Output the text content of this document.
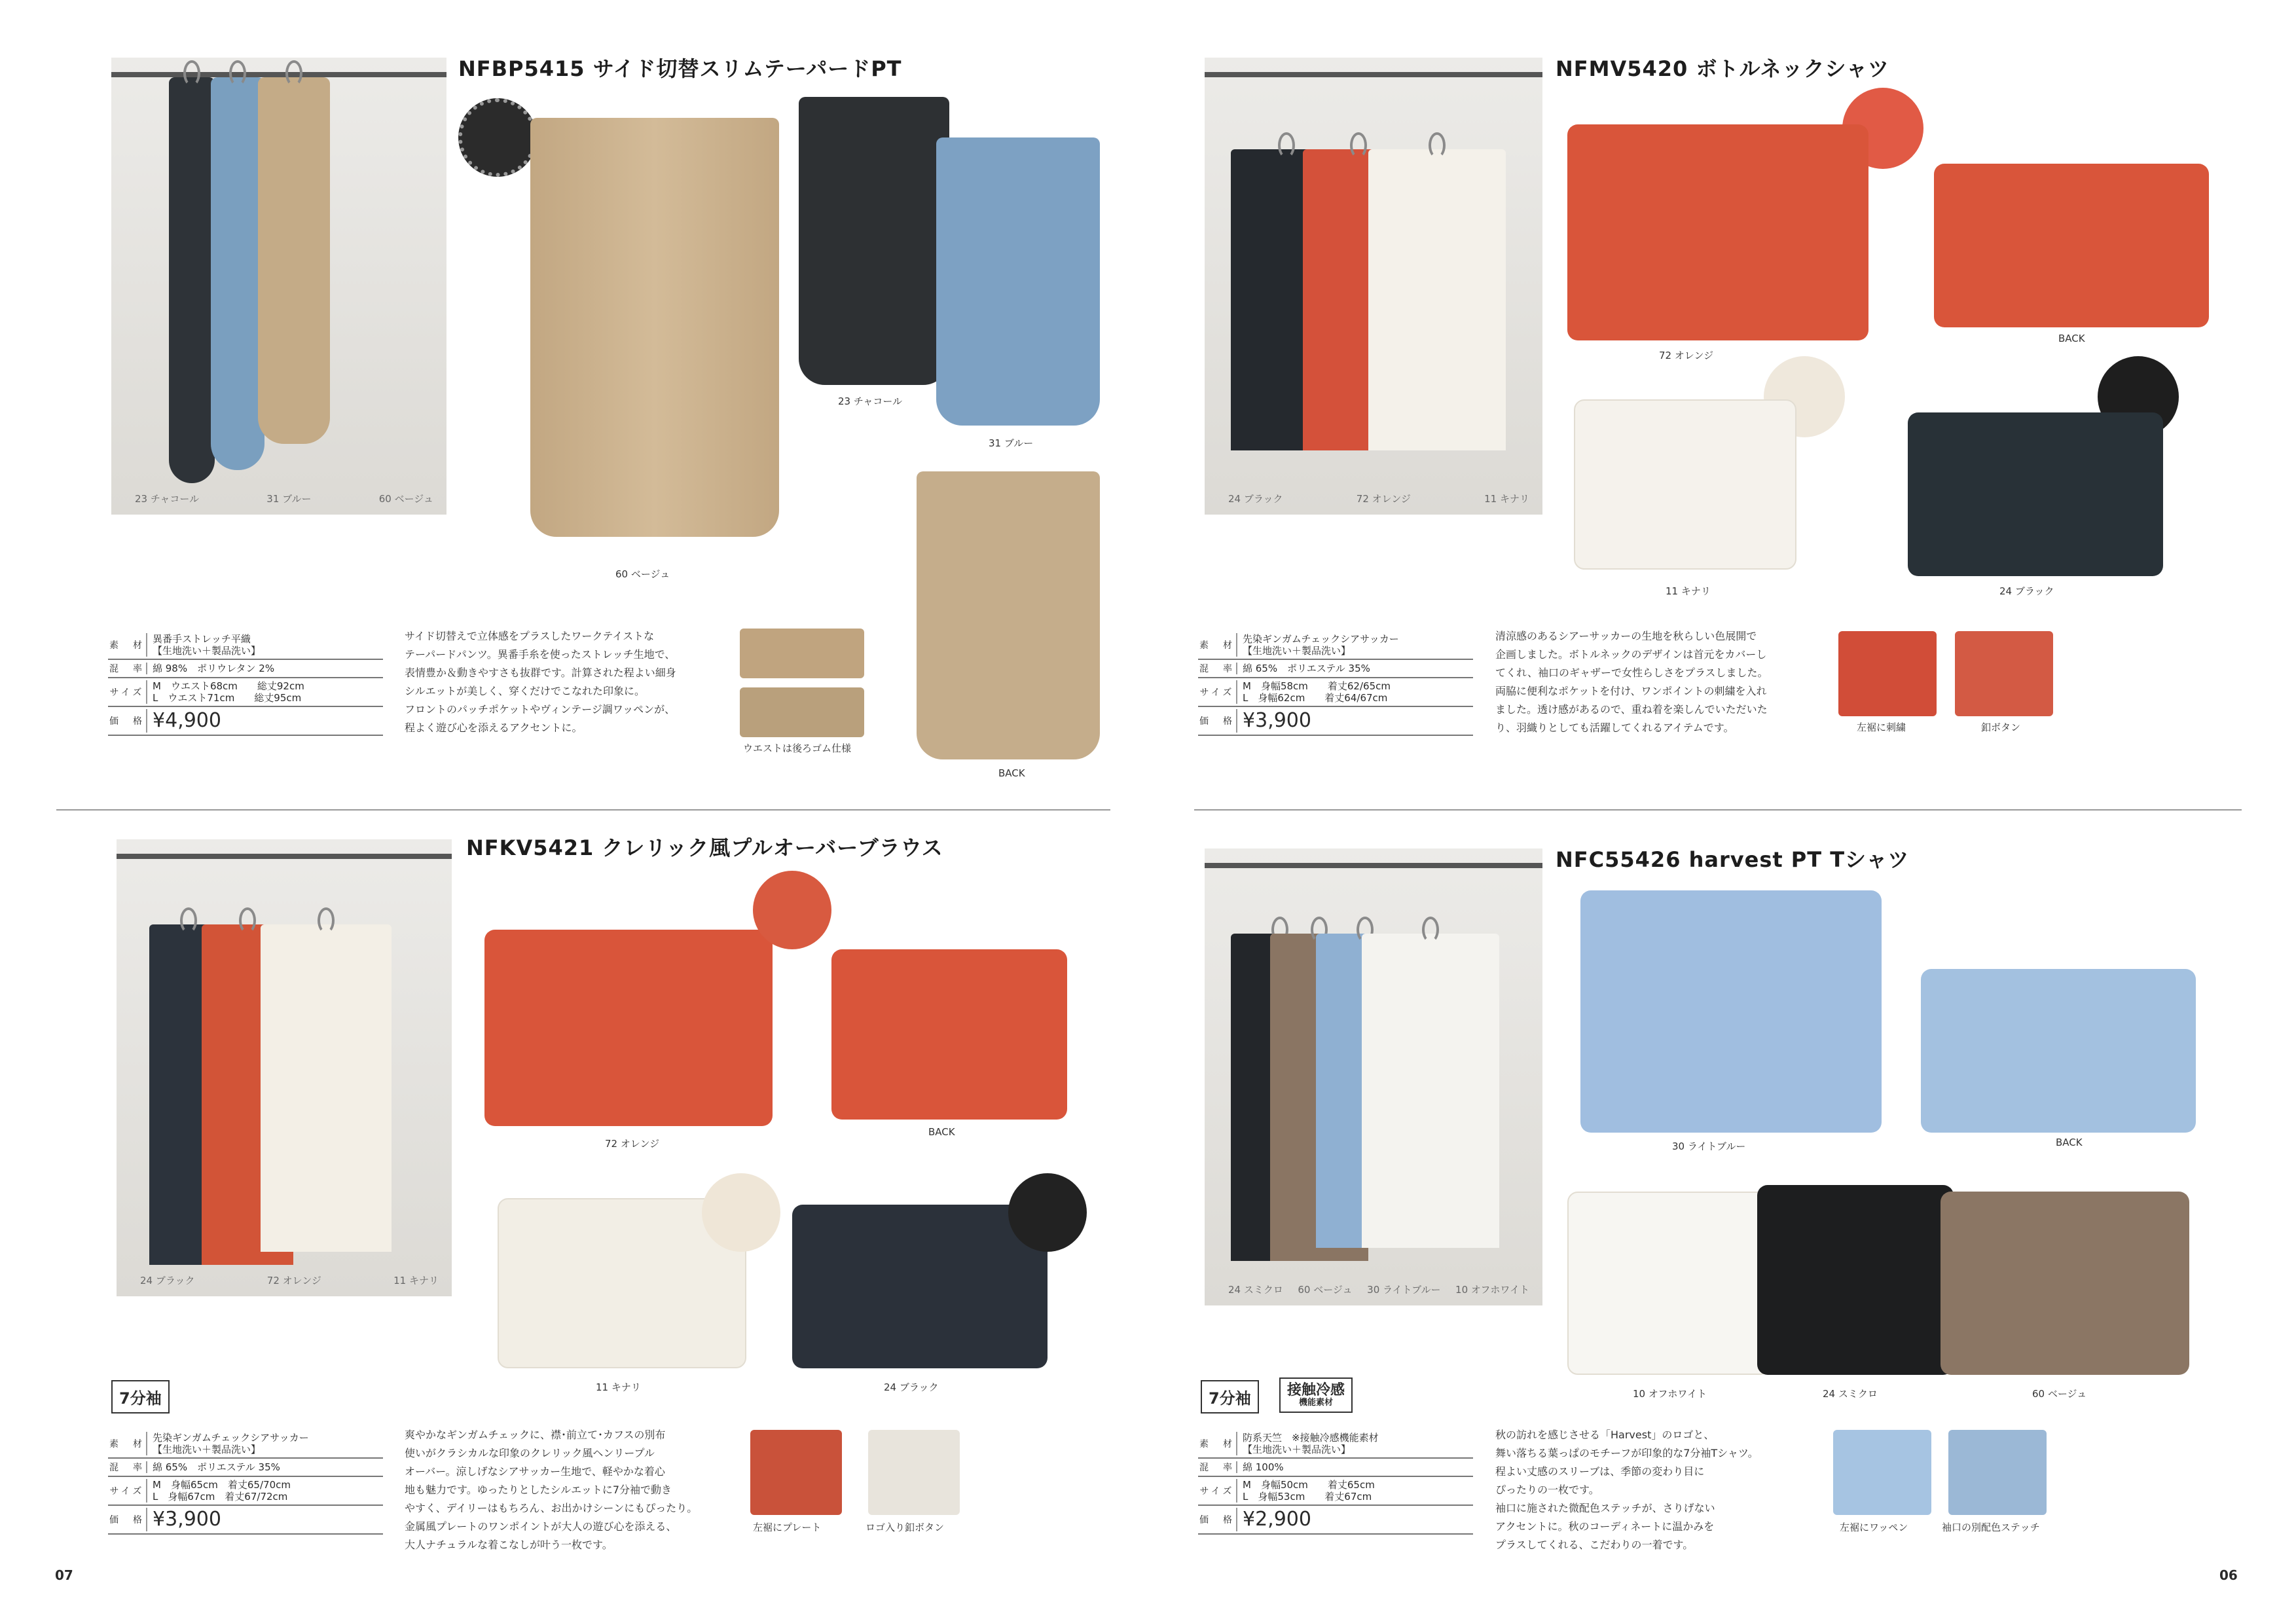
23 チャコール	31 ブルー	60 ベージュ
NFBP5415 サイド切替スリムテーパードPT
60 ベージュ
23 チャコール
31 ブルー
BACK
ウエストは後ろゴム仕様
素　材
異番手ストレッチ平織
【生地洗い＋製品洗い】
混　率 綿 98%　ポリウレタン 2%
サイズ
M　ウエスト68cm　　総丈92cm
L　ウエスト71cm　　総丈95cm
価　格 ¥4,900
サイド切替えで立体感をプラスしたワークテイストな
テーパードパンツ。異番手糸を使ったストレッチ生地で、
表情豊か＆動きやすさも抜群です。計算された程よい細身
シルエットが美しく、穿くだけでこなれた印象に。
フロントのパッチポケットやヴィンテージ調ワッペンが、
程よく遊び心を添えるアクセントに。
24 ブラック	72 オレンジ	11 キナリ
NFKV5421 クレリック風プルオーバーブラウス
72 オレンジ
BACK
11 キナリ	24 ブラック
7分袖
素　材
先染ギンガムチェックシアサッカー
【生地洗い＋製品洗い】
混　率 綿 65%　ポリエステル 35%
サイズ
M　身幅65cm　着丈65/70cm
L　身幅67cm　着丈67/72cm
価　格 ¥3,900
爽やかなギンガムチェックに、襟･前立て･カフスの別布
使いがクラシカルな印象のクレリック風ヘンリープル
オーバー。涼しげなシアサッカー生地で、軽やかな着心
地も魅力です。ゆったりとしたシルエットに7分袖で動き
やすく、デイリーはもちろん、お出かけシーンにもぴったり。
金属風プレートのワンポイントが大人の遊び心を添える、
大人ナチュラルな着こなしが叶う一枚です。
左裾にプレート	ロゴ入り釦ボタン
07
24 ブラック	72 オレンジ	11 キナリ
NFMV5420 ボトルネックシャツ
72 オレンジ
BACK
11 キナリ	24 ブラック
素　材
先染ギンガムチェックシアサッカー
【生地洗い＋製品洗い】
混　率 綿 65%　ポリエステル 35%
サイズ
M　身幅58cm　　着丈62/65cm
L　身幅62cm　　着丈64/67cm
価　格 ¥3,900
清涼感のあるシアーサッカーの生地を秋らしい色展開で
企画しました。ボトルネックのデザインは首元をカバーし
てくれ、袖口のギャザーで女性らしさをプラスしました。
両脇に便利なポケットを付け、ワンポイントの刺繍を入れ
ました。透け感があるので、重ね着を楽しんでいただいた
り、羽織りとしても活躍してくれるアイテムです。	左裾に刺繍	釦ボタン
24 スミクロ 60 ベージュ 30 ライトブルー 10 オフホワイト
NFC55426 harvest PT Tシャツ
30 ライトブルー	BACK
10 オフホワイト	24 スミクロ	60 ベージュ
7分袖	接触冷感
機能素材
素　材
防系天竺　※接触冷感機能素材
【生地洗い＋製品洗い】
混　率 綿 100%
サイズ
M　身幅50cm　　着丈65cm
L　身幅53cm　　着丈67cm
価　格 ¥2,900
秋の訪れを感じさせる「Harvest」のロゴと、
舞い落ちる葉っぱのモチーフが印象的な7分袖Tシャツ。
程よい丈感のスリーブは、季節の変わり目に
ぴったりの一枚です。
袖口に施された微配色ステッチが、さりげない
アクセントに。秋のコーディネートに温かみを
プラスしてくれる、こだわりの一着です。
左裾にワッペン	袖口の別配色ステッチ
06
